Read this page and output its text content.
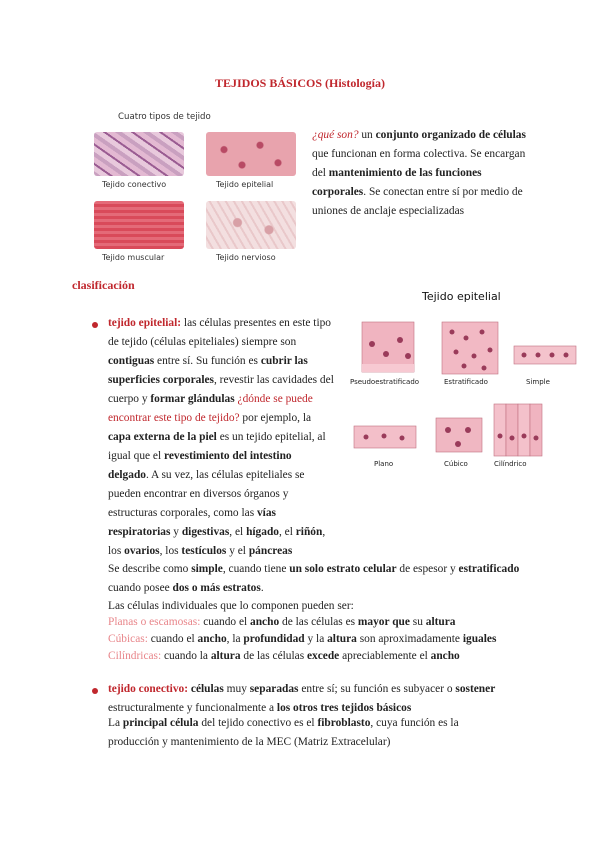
TEJIDOS BÁSICOS (Histología)
Cuatro tipos de tejido
Tejido conectivo	Tejido epitelial
Tejido muscular	Tejido nervioso
¿qué son? un conjunto organizado de células que funcionan en forma colectiva. Se encargan del mantenimiento de las funciones corporales. Se conectan entre sí por medio de uniones de anclaje especializadas
clasificación
Tejido epitelial
Pseudoestratificado	Estratificado	Simple
Plano	Cúbico	Cilíndrico
tejido epitelial: las células presentes en este tipo de tejido (células epiteliales) siempre son contiguas entre sí. Su función es cubrir las superficies corporales, revestir las cavidades del cuerpo y formar glándulas ¿dónde se puede encontrar este tipo de tejido? por ejemplo, la capa externa de la piel es un tejido epitelial, al igual que el revestimiento del intestino delgado. A su vez, las células epiteliales se pueden encontrar en diversos órganos y estructuras corporales, como las vías respiratorias y digestivas, el hígado, el riñón, los ovarios, los testículos y el páncreas
Se describe como simple, cuando tiene un solo estrato celular de espesor y estratificado cuando posee dos o más estratos.
Las células individuales que lo componen pueden ser:
Planas o escamosas: cuando el ancho de las células es mayor que su altura
Cúbicas: cuando el ancho, la profundidad y la altura son aproximadamente iguales
Cilíndricas: cuando la altura de las células excede apreciablemente el ancho
tejido conectivo: células muy separadas entre sí; su función es subyacer o sostener estructuralmente y funcionalmente a los otros tres tejidos básicos
La principal célula del tejido conectivo es el fibroblasto, cuya función es la producción y mantenimiento de la MEC (Matriz Extracelular)
